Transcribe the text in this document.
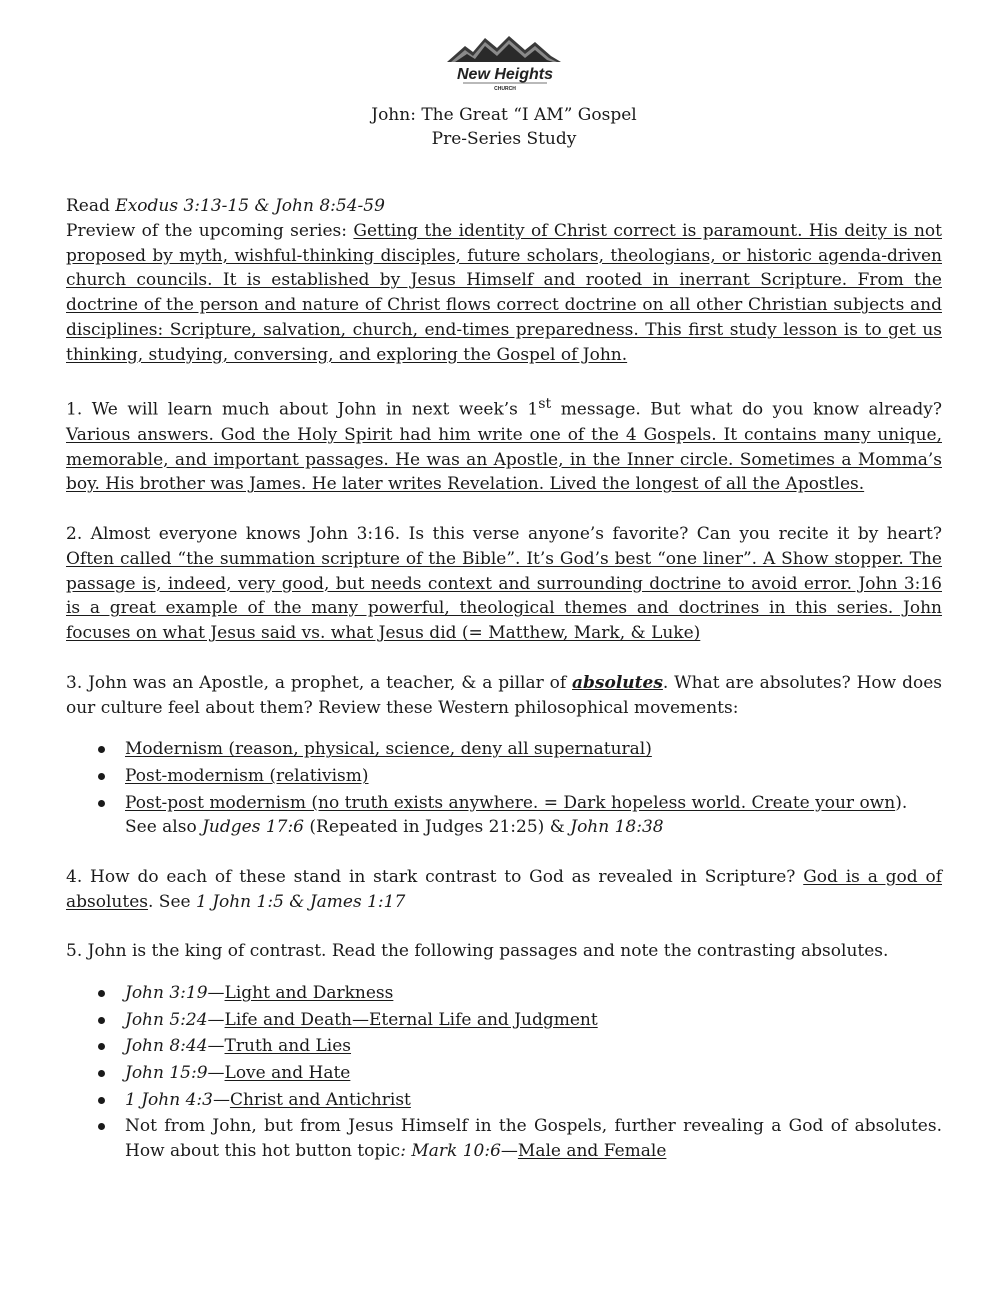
New Heights
CHURCH
John: The Great “I AM” Gospel
Pre-Series Study

Read Exodus 3:13-15 & John 8:54-59

Preview of the upcoming series: Getting the identity of Christ correct is paramount. His deity is not proposed by myth, wishful-thinking disciples, future scholars, theologians, or historic agenda-driven church councils. It is established by Jesus Himself and rooted in inerrant Scripture. From the doctrine of the person and nature of Christ flows correct doctrine on all other Christian subjects and disciplines: Scripture, salvation, church, end-times preparedness. This first study lesson is to get us thinking, studying, conversing, and exploring the Gospel of John.

1. We will learn much about John in next week’s 1st message. But what do you know already? Various answers. God the Holy Spirit had him write one of the 4 Gospels. It contains many unique, memorable, and important passages. He was an Apostle, in the Inner circle. Sometimes a Momma’s boy. His brother was James. He later writes Revelation. Lived the longest of all the Apostles.

2. Almost everyone knows John 3:16. Is this verse anyone’s favorite? Can you recite it by heart? Often called “the summation scripture of the Bible”. It’s God’s best “one liner”. A Show stopper. The passage is, indeed, very good, but needs context and surrounding doctrine to avoid error. John 3:16 is a great example of the many powerful, theological themes and doctrines in this series. John focuses on what Jesus said vs. what Jesus did (= Matthew, Mark, & Luke)

3. John was an Apostle, a prophet, a teacher, & a pillar of absolutes. What are absolutes? How does our culture feel about them? Review these Western philosophical movements:

Modernism (reason, physical, science, deny all supernatural)
Post-modernism (relativism)
Post-post modernism (no truth exists anywhere. = Dark hopeless world. Create your own). See also Judges 17:6 (Repeated in Judges 21:25) & John 18:38

4. How do each of these stand in stark contrast to God as revealed in Scripture? God is a god of absolutes. See 1 John 1:5 & James 1:17

5. John is the king of contrast. Read the following passages and note the contrasting absolutes.

John 3:19—Light and Darkness
John 5:24—Life and Death—Eternal Life and Judgment
John 8:44—Truth and Lies
John 15:9—Love and Hate
1 John 4:3—Christ and Antichrist
Not from John, but from Jesus Himself in the Gospels, further revealing a God of absolutes. How about this hot button topic: Mark 10:6—Male and Female
